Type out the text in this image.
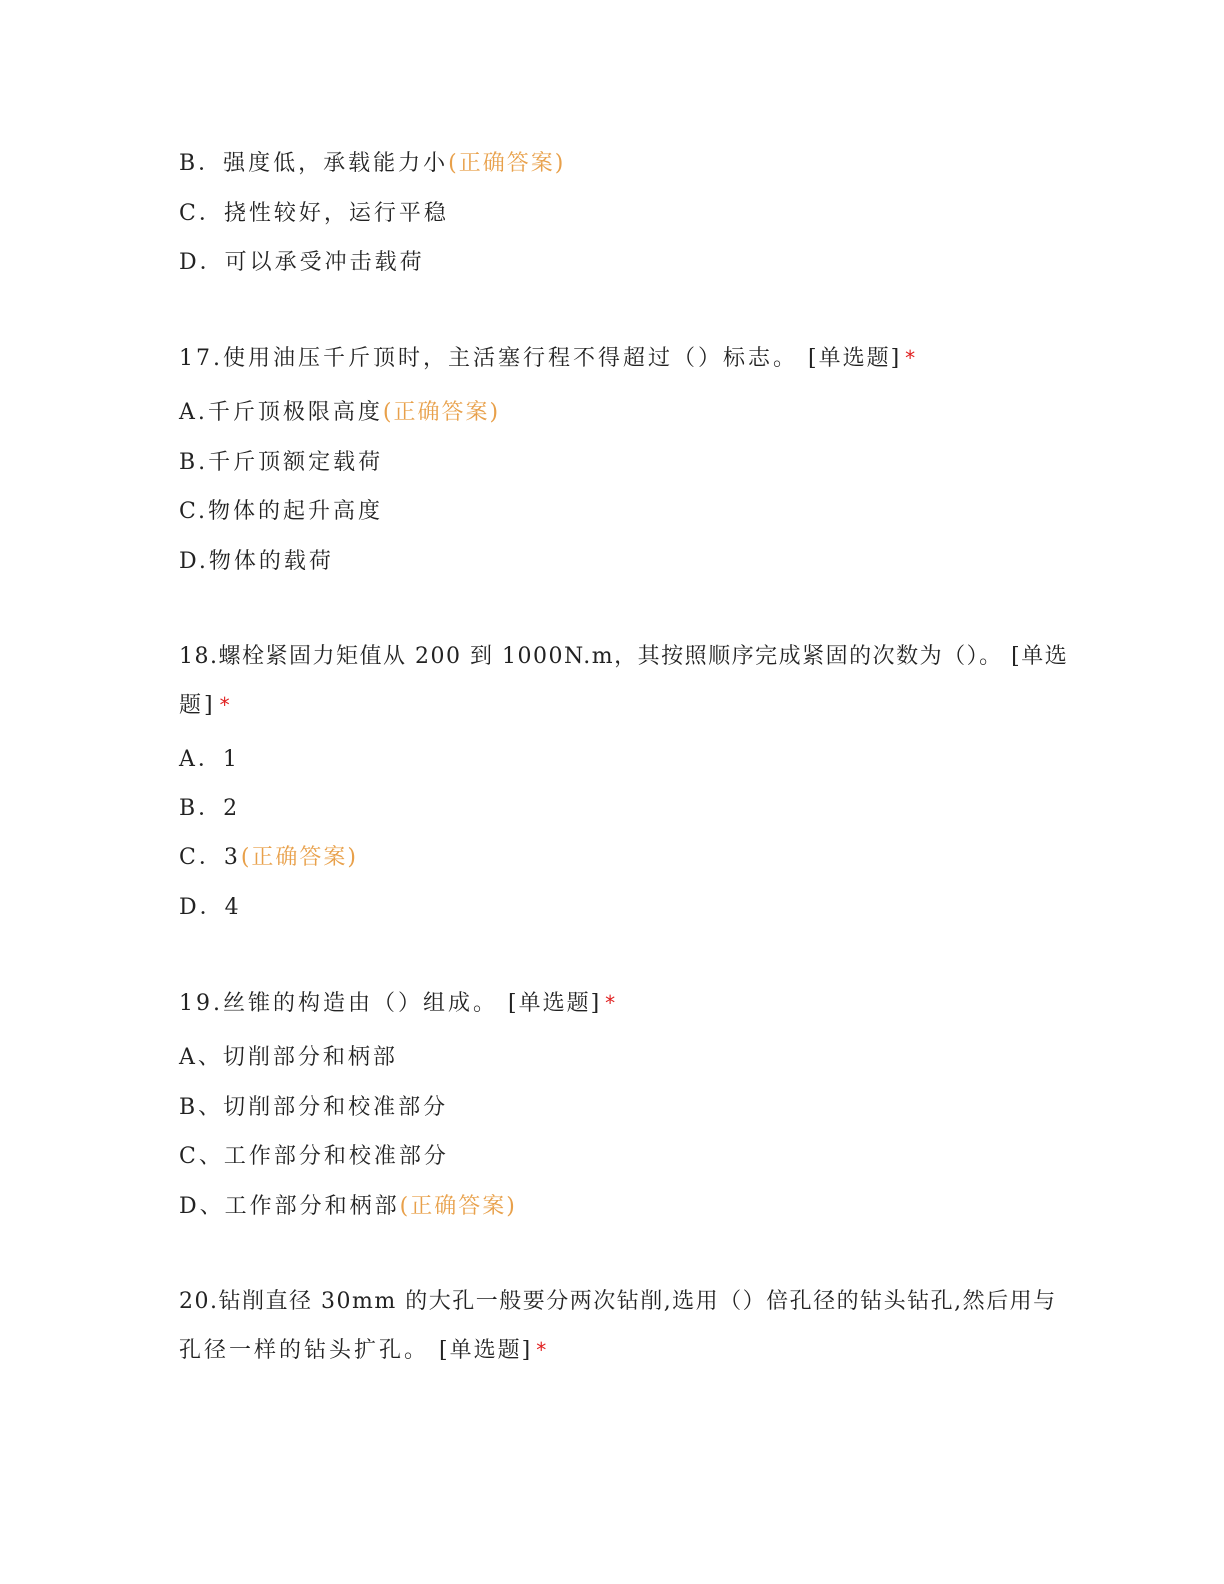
B．强度低，承载能力小(正确答案)
C．挠性较好，运行平稳
D．可以承受冲击载荷
17.使用油压千斤顶时，主活塞行程不得超过（）标志。 [单选题] *
A.千斤顶极限高度(正确答案)
B.千斤顶额定载荷
C.物体的起升高度
D.物体的载荷
18.螺栓紧固力矩值从 200 到 1000N.m，其按照顺序完成紧固的次数为（）。 [单选
题] *
A．1
B．2
C．3(正确答案)
D．4
19.丝锥的构造由（）组成。 [单选题] *
A、切削部分和柄部
B、切削部分和校准部分
C、工作部分和校准部分
D、工作部分和柄部(正确答案)
20.钻削直径 30mm 的大孔一般要分两次钻削,选用（）倍孔径的钻头钻孔,然后用与
孔径一样的钻头扩孔。 [单选题] *
